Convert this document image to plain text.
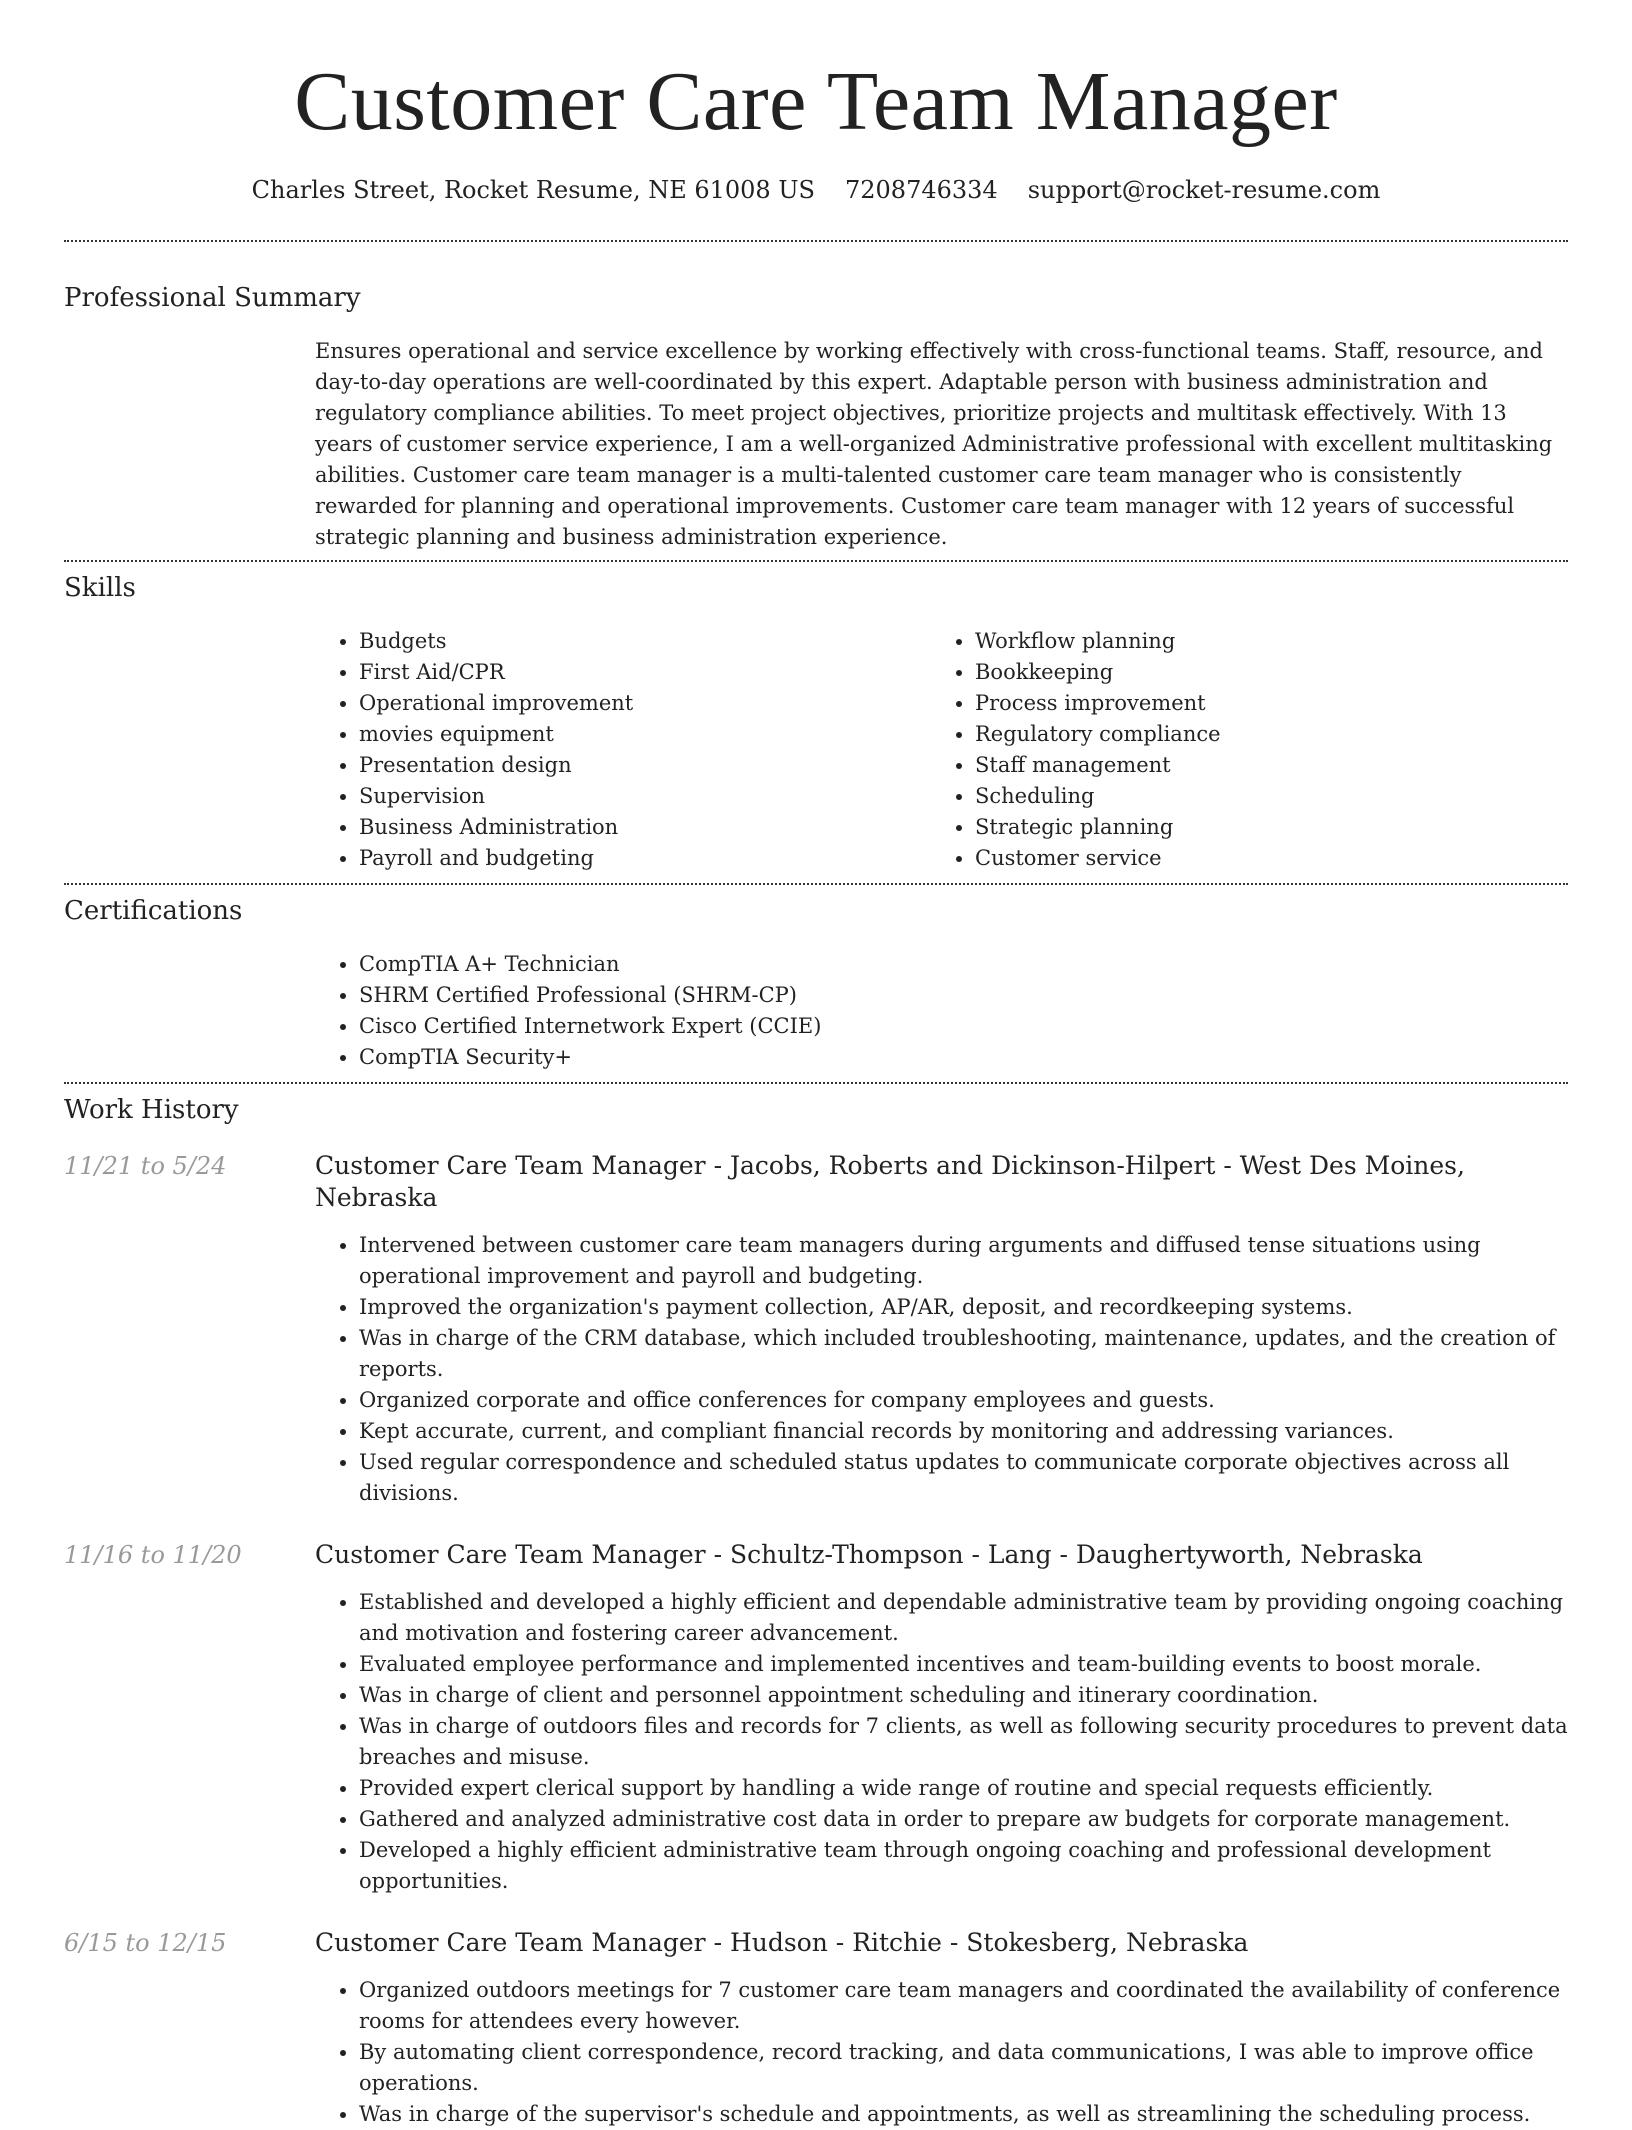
Customer Care Team Manager
Charles Street, Rocket Resume, NE 61008 US 7208746334 support@rocket-resume.com
Professional Summary

Ensures operational and service excellence by working effectively with cross-functional teams. Staff, resource, and day-to-day operations are well-coordinated by this expert. Adaptable person with business administration and regulatory compliance abilities. To meet project objectives, prioritize projects and multitask effectively. With 13 years of customer service experience, I am a well-organized Administrative professional with excellent multitasking abilities. Customer care team manager is a multi-talented customer care team manager who is consistently rewarded for planning and operational improvements. Customer care team manager with 12 years of successful strategic planning and business administration experience.

Skills
• Budgets
• First Aid/CPR
• Operational improvement
• movies equipment
• Presentation design
• Supervision
• Business Administration
• Payroll and budgeting
• Workflow planning
• Bookkeeping
• Process improvement
• Regulatory compliance
• Staff management
• Scheduling
• Strategic planning
• Customer service
Certifications
• CompTIA A+ Technician
• SHRM Certified Professional (SHRM-CP)
• Cisco Certified Internetwork Expert (CCIE)
• CompTIA Security+
Work History
11/21 to 5/24	Customer Care Team Manager - Jacobs, Roberts and Dickinson-Hilpert - West Des Moines, Nebraska
• Intervened between customer care team managers during arguments and diffused tense situations using operational improvement and payroll and budgeting.
• Improved the organization's payment collection, AP/AR, deposit, and recordkeeping systems.
• Was in charge of the CRM database, which included troubleshooting, maintenance, updates, and the creation of reports.
• Organized corporate and office conferences for company employees and guests.
• Kept accurate, current, and compliant financial records by monitoring and addressing variances.
• Used regular correspondence and scheduled status updates to communicate corporate objectives across all divisions.
11/16 to 11/20	Customer Care Team Manager - Schultz-Thompson - Lang - Daughertyworth, Nebraska
• Established and developed a highly efficient and dependable administrative team by providing ongoing coaching and motivation and fostering career advancement.
• Evaluated employee performance and implemented incentives and team-building events to boost morale.
• Was in charge of client and personnel appointment scheduling and itinerary coordination.
• Was in charge of outdoors files and records for 7 clients, as well as following security procedures to prevent data breaches and misuse.
• Provided expert clerical support by handling a wide range of routine and special requests efficiently.
• Gathered and analyzed administrative cost data in order to prepare aw budgets for corporate management.
• Developed a highly efficient administrative team through ongoing coaching and professional development opportunities.
6/15 to 12/15	Customer Care Team Manager - Hudson - Ritchie - Stokesberg, Nebraska
• Organized outdoors meetings for 7 customer care team managers and coordinated the availability of conference rooms for attendees every however.
• By automating client correspondence, record tracking, and data communications, I was able to improve office operations.
• Was in charge of the supervisor's schedule and appointments, as well as streamlining the scheduling process.
